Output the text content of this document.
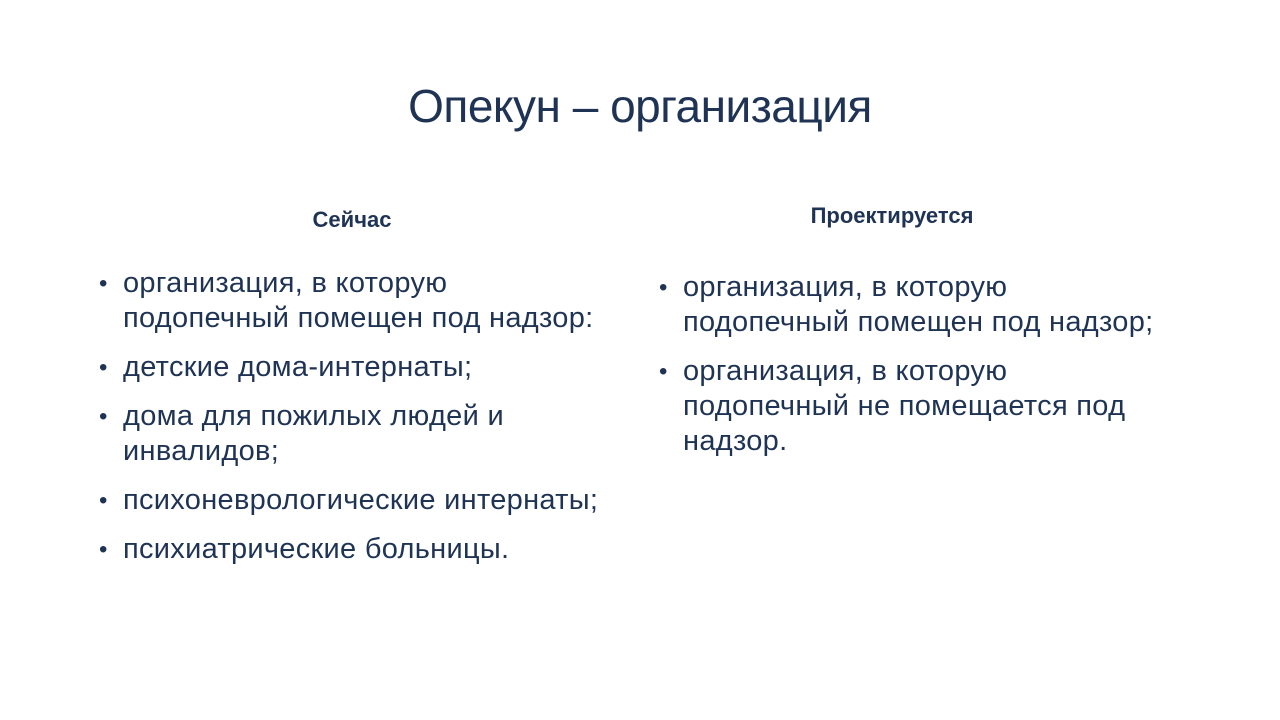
Опекун – организация
Сейчас
• организация, в которую подопечный помещен под надзор:
• детские дома-интернаты;
• дома для пожилых людей и инвалидов;
• психоневрологические интернаты;
• психиатрические больницы.
Проектируется
• организация, в которую подопечный помещен под надзор;
• организация, в которую подопечный не помещается под надзор.
